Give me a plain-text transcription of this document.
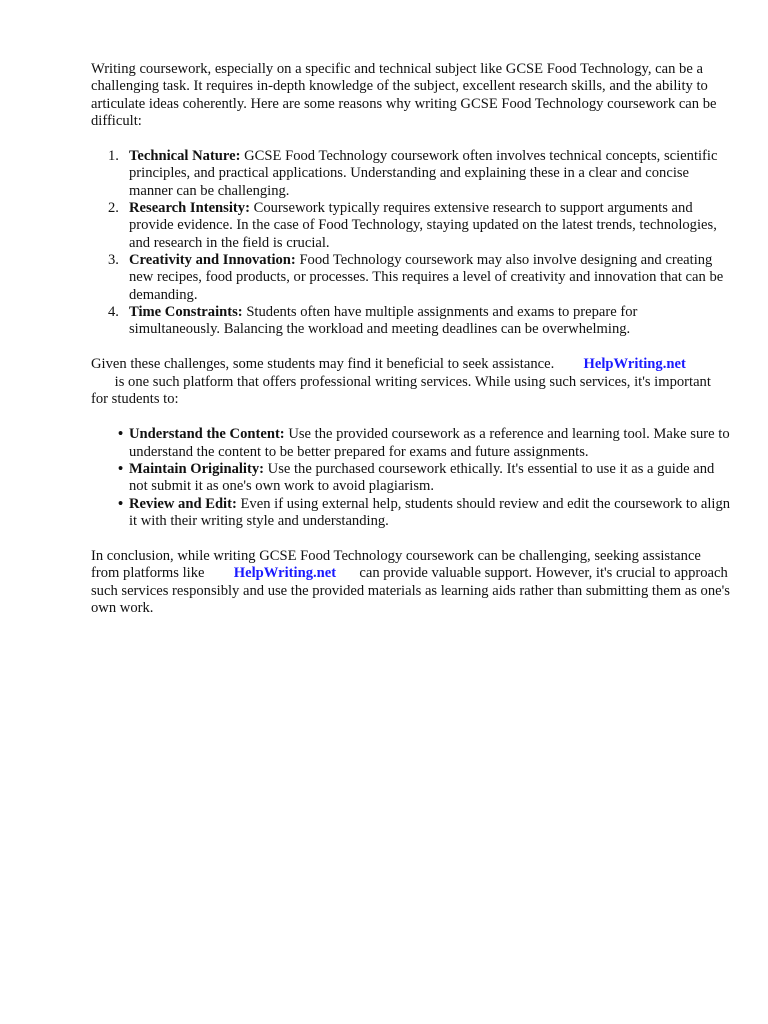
Writing coursework, especially on a specific and technical subject like GCSE Food Technology, can be a challenging task. It requires in-depth knowledge of the subject, excellent research skills, and the ability to articulate ideas coherently. Here are some reasons why writing GCSE Food Technology coursework can be difficult:

1. Technical Nature: GCSE Food Technology coursework often involves technical concepts, scientific principles, and practical applications. Understanding and explaining these in a clear and concise manner can be challenging.
2. Research Intensity: Coursework typically requires extensive research to support arguments and provide evidence. In the case of Food Technology, staying updated on the latest trends, technologies, and research in the field is crucial.
3. Creativity and Innovation: Food Technology coursework may also involve designing and creating new recipes, food products, or processes. This requires a level of creativity and innovation that can be demanding.
4. Time Constraints: Students often have multiple assignments and exams to prepare for simultaneously. Balancing the workload and meeting deadlines can be overwhelming.

Given these challenges, some students may find it beneficial to seek assistance. HelpWriting.net
is one such platform that offers professional writing services. While using such services, it's important for students to:

• Understand the Content: Use the provided coursework as a reference and learning tool. Make sure to understand the content to be better prepared for exams and future assignments.
• Maintain Originality: Use the purchased coursework ethically. It's essential to use it as a guide and not submit it as one's own work to avoid plagiarism.
• Review and Edit: Even if using external help, students should review and edit the coursework to align it with their writing style and understanding.

In conclusion, while writing GCSE Food Technology coursework can be challenging, seeking assistance from platforms like HelpWriting.net can provide valuable support. However, it's crucial to approach such services responsibly and use the provided materials as learning aids rather than submitting them as one's own work.
